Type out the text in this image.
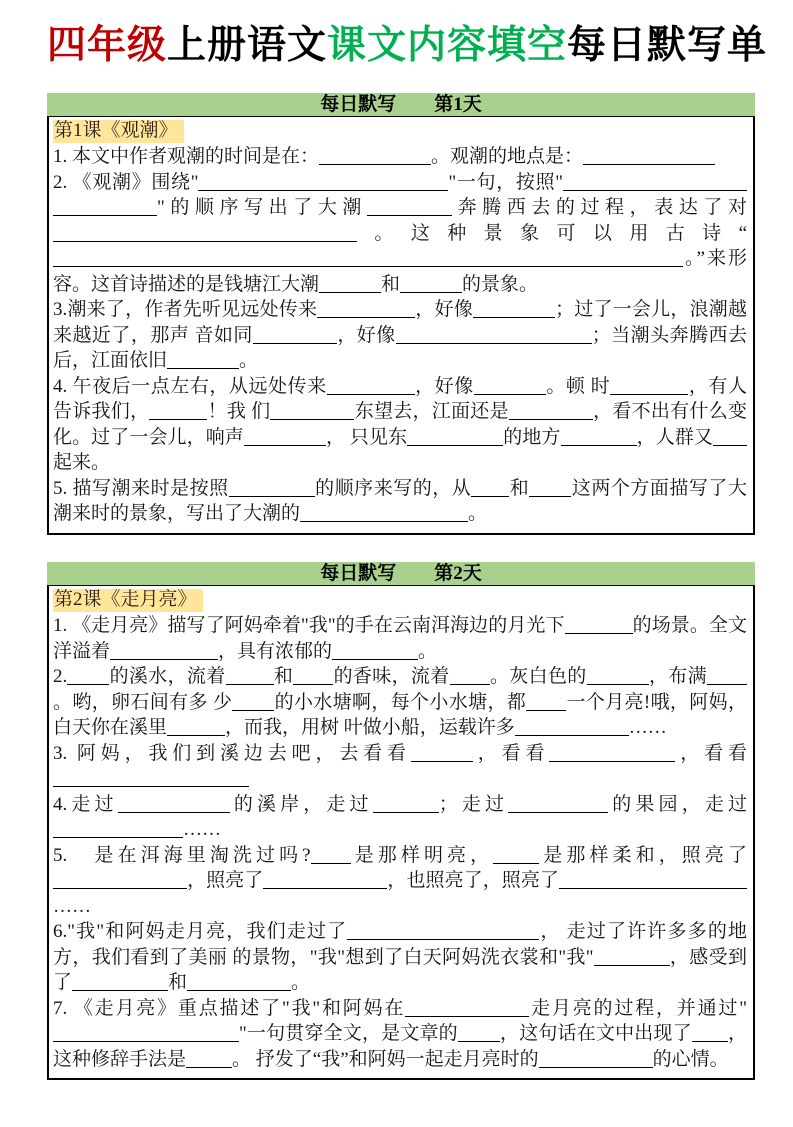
四年级上册语文课文内容填空每日默写单
每日默写　　第1天
第1课《观潮》

1. 本文中作者观潮的时间是在：	。观潮的地点是：

2. 《观潮》围绕"	"一句，按照""的顺序写出了大潮	奔腾西去的过程，表达了对。这种景象可以用古诗“。”来形容。这首诗描述的是钱塘江大潮	和	的景象。

3.潮来了，作者先听见远处传来	，好像	；过了一会儿，浪潮越来越近了，那声 音如同	，好像	；当潮头奔腾西去后，江面依旧	。

4. 午夜后一点左右，从远处传来	，好像	。顿 时	，有人告诉我们，	！我 们	东望去，江面还是	，看不出有什么变化。过了一会儿，响声	， 只见东	的地方	，人群又起来。

5. 描写潮来时是按照	的顺序来写的，从 和 这两个方面描写了大潮来时的景象，写出了大潮的	。

每日默写　　第2天
第2课《走月亮》

1. 《走月亮》描写了阿妈牵着"我"的手在云南洱海边的月光下	的场景。全文洋溢着	，具有浓郁的	。

2. 的溪水，流着	和 的香味，流着 。灰白色的	，布满。哟，卵石间有多 少 的小水塘啊，每个小水塘，都 一个月亮!哦，阿妈，白天你在溪里	，而我，用树 叶做小船，运载许多	……

3. 阿妈，我们到溪边去吧，去看看	，看看	，看看

4.走过	的溪岸，走过	；走过	的果园，走过……

5.　是在洱海里淘洗过吗? 是那样明亮， 是那样柔和，照亮了，照亮了	，也照亮了，照亮了……

6."我"和阿妈走月亮，我们走过了	， 走过了许许多多的地方，我们看到了美丽 的景物，"我"想到了白天阿妈洗衣裳和"我"	，感受到了	和	。

7. 《走月亮》重点描述了"我"和阿妈在	走月亮的过程，并通过""一句贯穿全文，是文章的 ，这句话在文中出现了 ，这种修辞手法是 。 抒发了“我”和阿妈一起走月亮时的	的心情。
